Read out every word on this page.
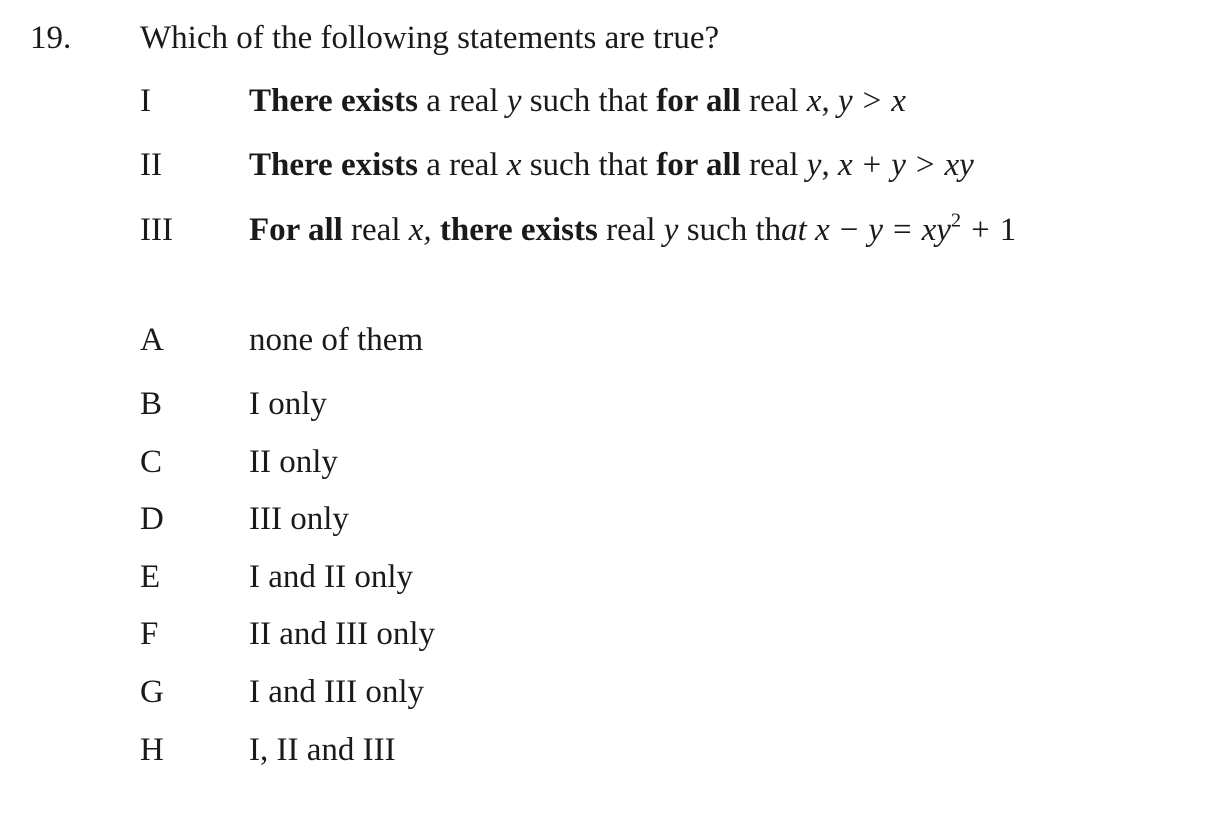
19. Which of the following statements are true?
I	There exists a real y such that for all real x, y > x
II	There exists a real x such that for all real y, x + y > xy
III For all real x, there exists real y such that $x - y = xy^2 + 1$
A	none of them
B	I only
C	II only
D	III only
E	I and II only
F	II and III only
G	I and III only
H	I, II and III
